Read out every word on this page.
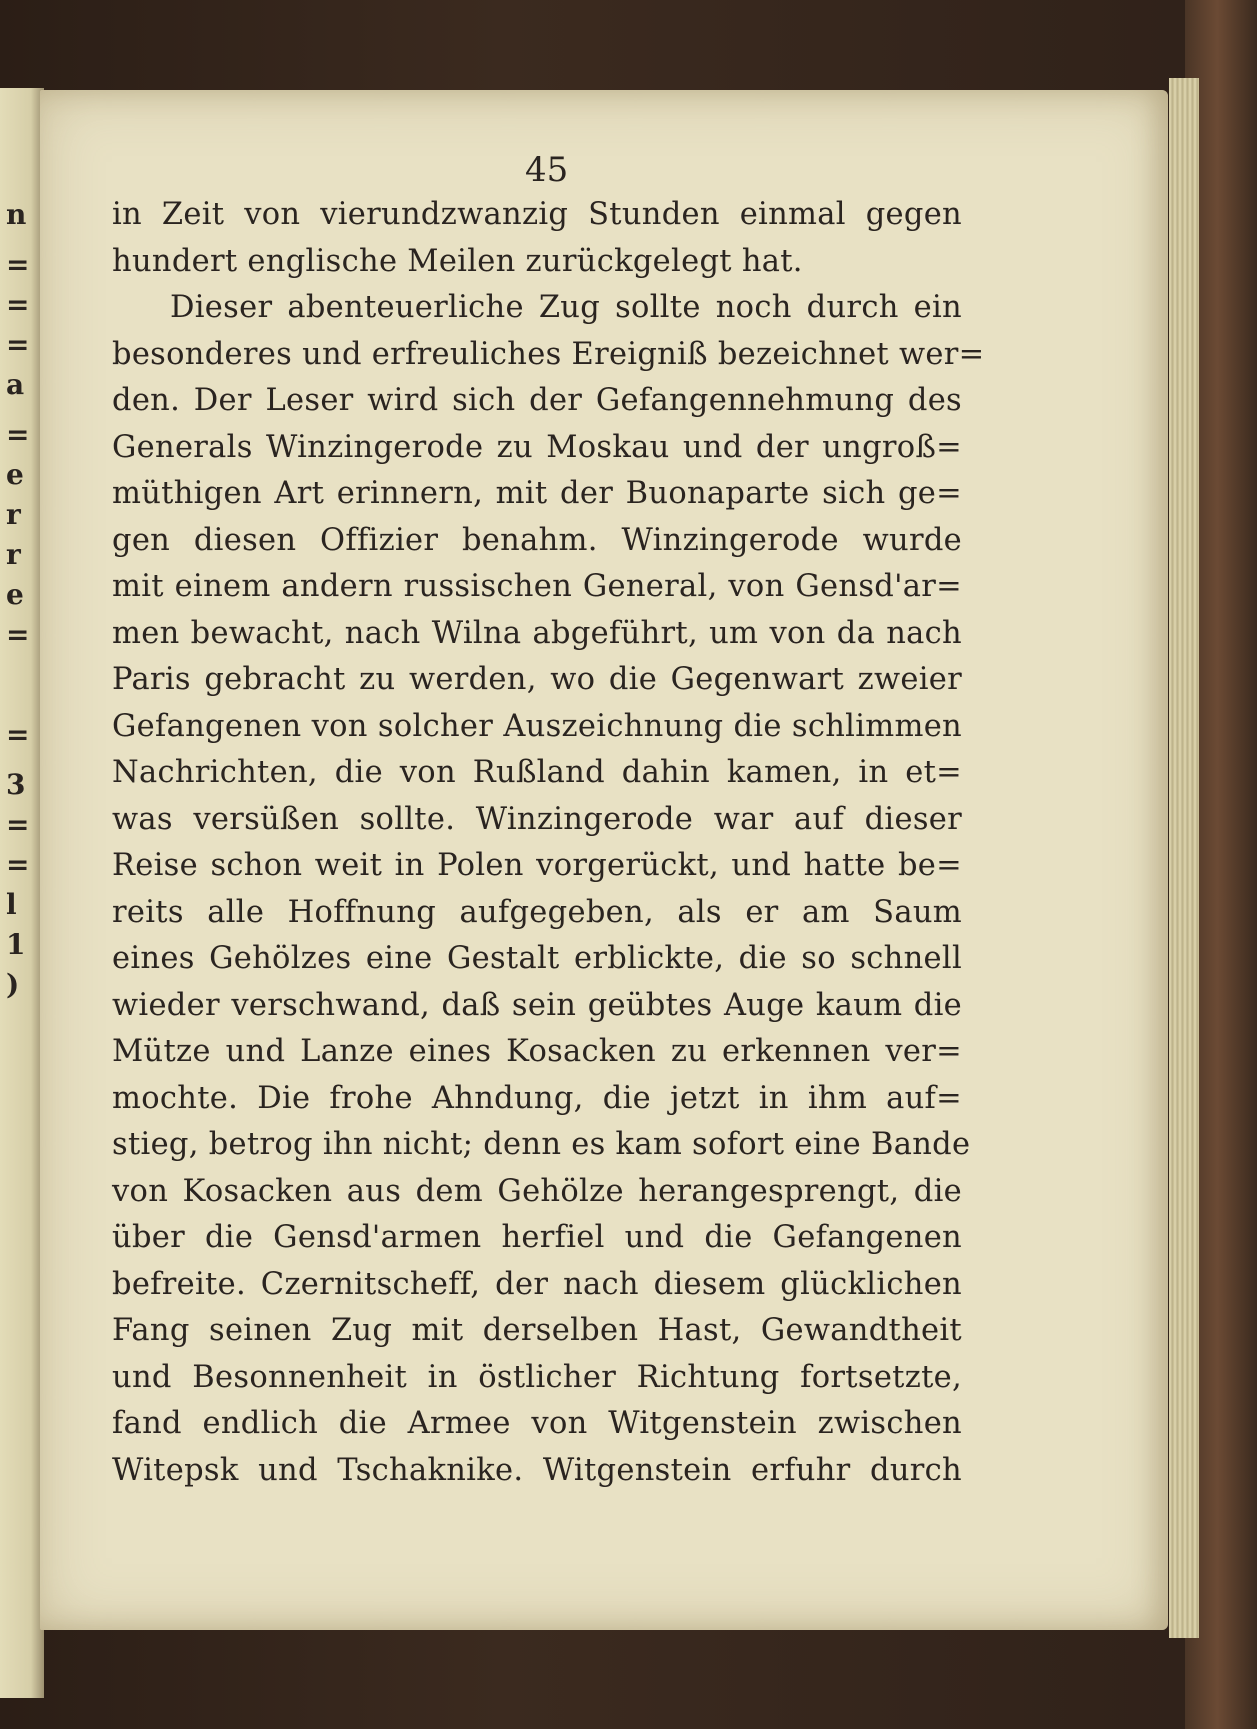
n
=
=
=
a
=
e
r
r
e
=
=
3
=
=
l
1
)
45
in Zeit von vierundzwanzig Stunden einmal gegen
hundert englische Meilen zurückgelegt hat.
Dieser abenteuerliche Zug sollte noch durch ein
besonderes und erfreuliches Ereigniß bezeichnet wer=
den. Der Leser wird sich der Gefangennehmung des
Generals Winzingerode zu Moskau und der ungroß=
müthigen Art erinnern, mit der Buonaparte sich ge=
gen diesen Offizier benahm. Winzingerode wurde
mit einem andern russischen General, von Gensd'ar=
men bewacht, nach Wilna abgeführt, um von da nach
Paris gebracht zu werden, wo die Gegenwart zweier
Gefangenen von solcher Auszeichnung die schlimmen
Nachrichten, die von Rußland dahin kamen, in et=
was versüßen sollte. Winzingerode war auf dieser
Reise schon weit in Polen vorgerückt, und hatte be=
reits alle Hoffnung aufgegeben, als er am Saum
eines Gehölzes eine Gestalt erblickte, die so schnell
wieder verschwand, daß sein geübtes Auge kaum die
Mütze und Lanze eines Kosacken zu erkennen ver=
mochte. Die frohe Ahndung, die jetzt in ihm auf=
stieg, betrog ihn nicht; denn es kam sofort eine Bande
von Kosacken aus dem Gehölze herangesprengt, die
über die Gensd'armen herfiel und die Gefangenen
befreite. Czernitscheff, der nach diesem glücklichen
Fang seinen Zug mit derselben Hast, Gewandtheit
und Besonnenheit in östlicher Richtung fortsetzte,
fand endlich die Armee von Witgenstein zwischen
Witepsk und Tschaknike. Witgenstein erfuhr durch
